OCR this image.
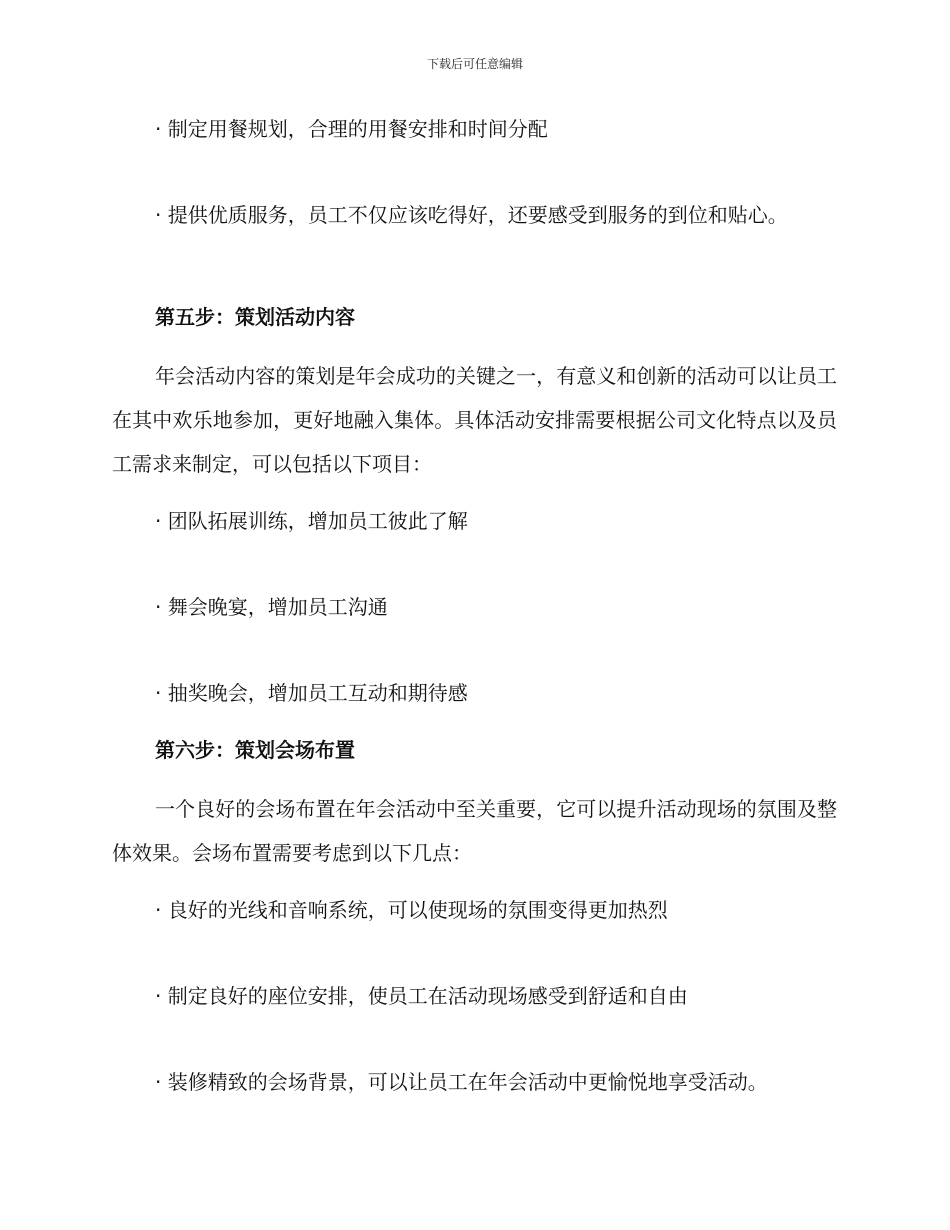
下载后可任意编辑
· 制定用餐规划，合理的用餐安排和时间分配
· 提供优质服务，员工不仅应该吃得好，还要感受到服务的到位和贴心。
第五步：策划活动内容
年会活动内容的策划是年会成功的关键之一，有意义和创新的活动可以让员工在其中欢乐地参加，更好地融入集体。具体活动安排需要根据公司文化特点以及员工需求来制定，可以包括以下项目：
· 团队拓展训练，增加员工彼此了解
· 舞会晚宴，增加员工沟通
· 抽奖晚会，增加员工互动和期待感
第六步：策划会场布置
一个良好的会场布置在年会活动中至关重要，它可以提升活动现场的氛围及整体效果。会场布置需要考虑到以下几点：
· 良好的光线和音响系统，可以使现场的氛围变得更加热烈
· 制定良好的座位安排，使员工在活动现场感受到舒适和自由
· 装修精致的会场背景，可以让员工在年会活动中更愉悦地享受活动。
